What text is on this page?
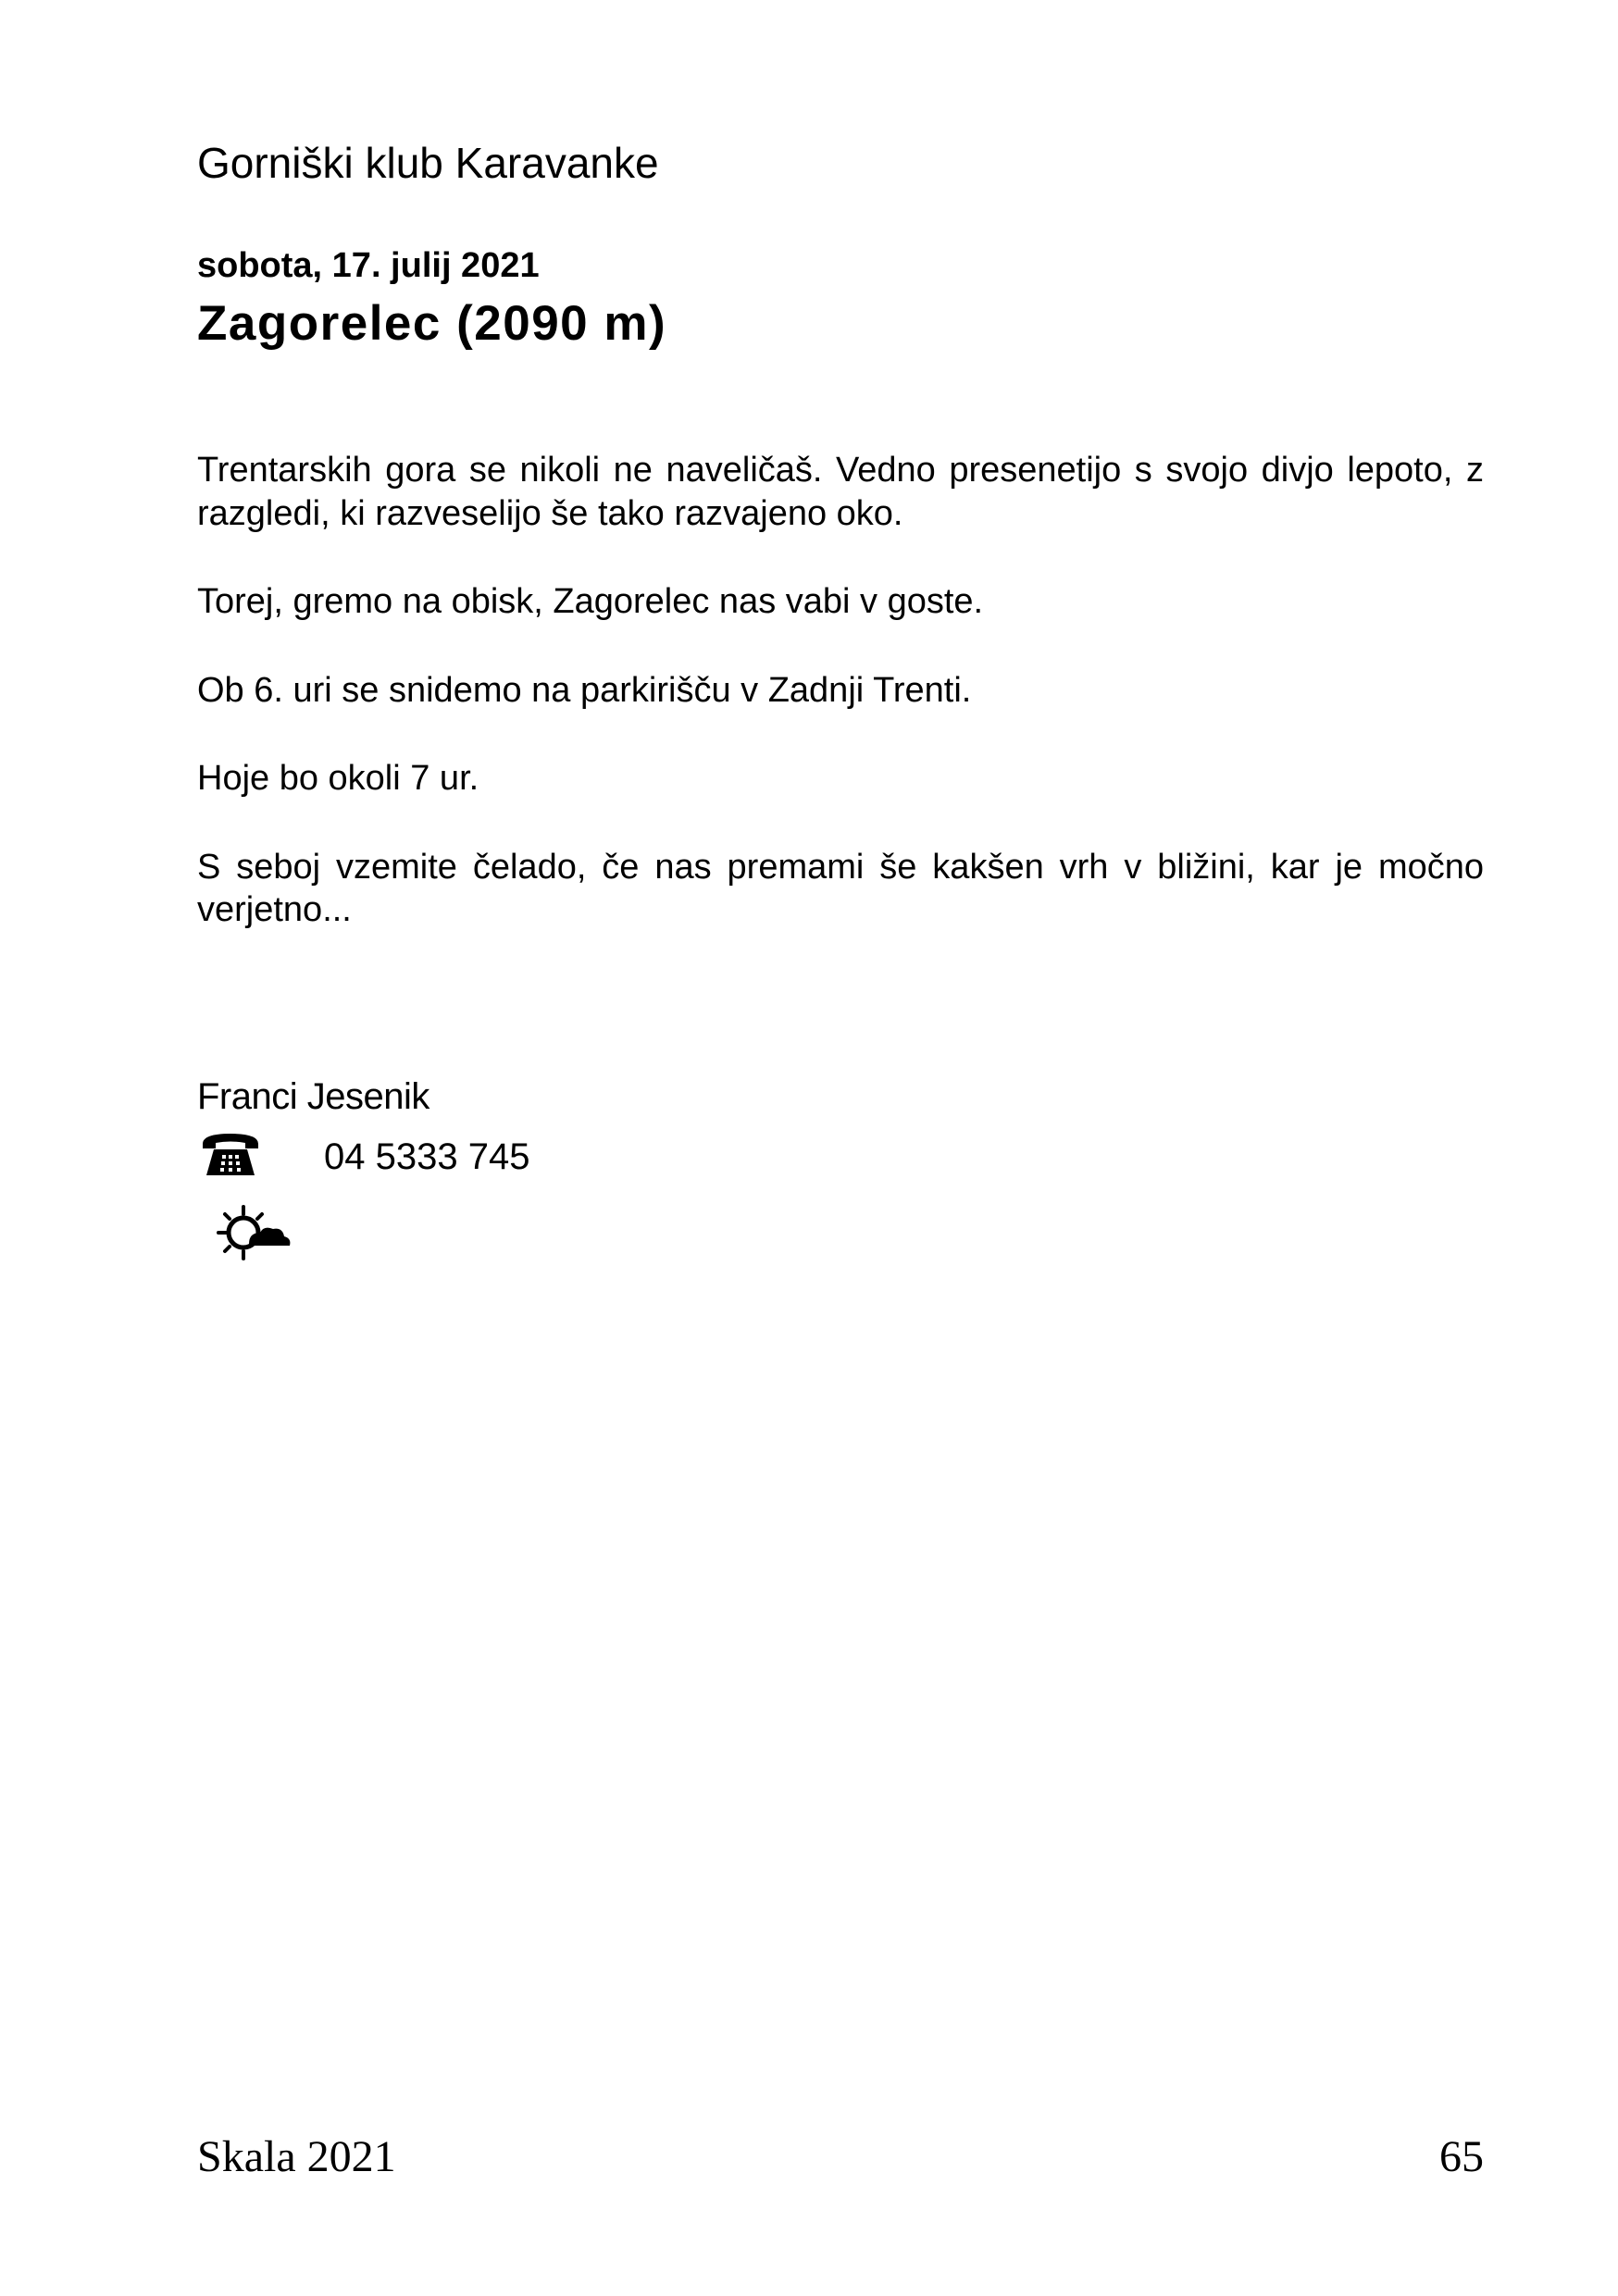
Gorniški klub Karavanke
sobota, 17. julij 2021
Zagorelec (2090 m)

Trentarskih gora se nikoli ne naveličaš. Vedno presenetijo s svojo divjo lepoto, z razgledi, ki razveselijo še tako razvajeno oko.

Torej, gremo na obisk, Zagorelec nas vabi v goste.

Ob 6. uri se snidemo na parkirišču v Zadnji Trenti.

Hoje bo okoli 7 ur.

S seboj vzemite čelado, če nas premami še kakšen vrh v bližini, kar je močno verjetno...

Franci Jesenik
04 5333 745
Skala 2021	65
